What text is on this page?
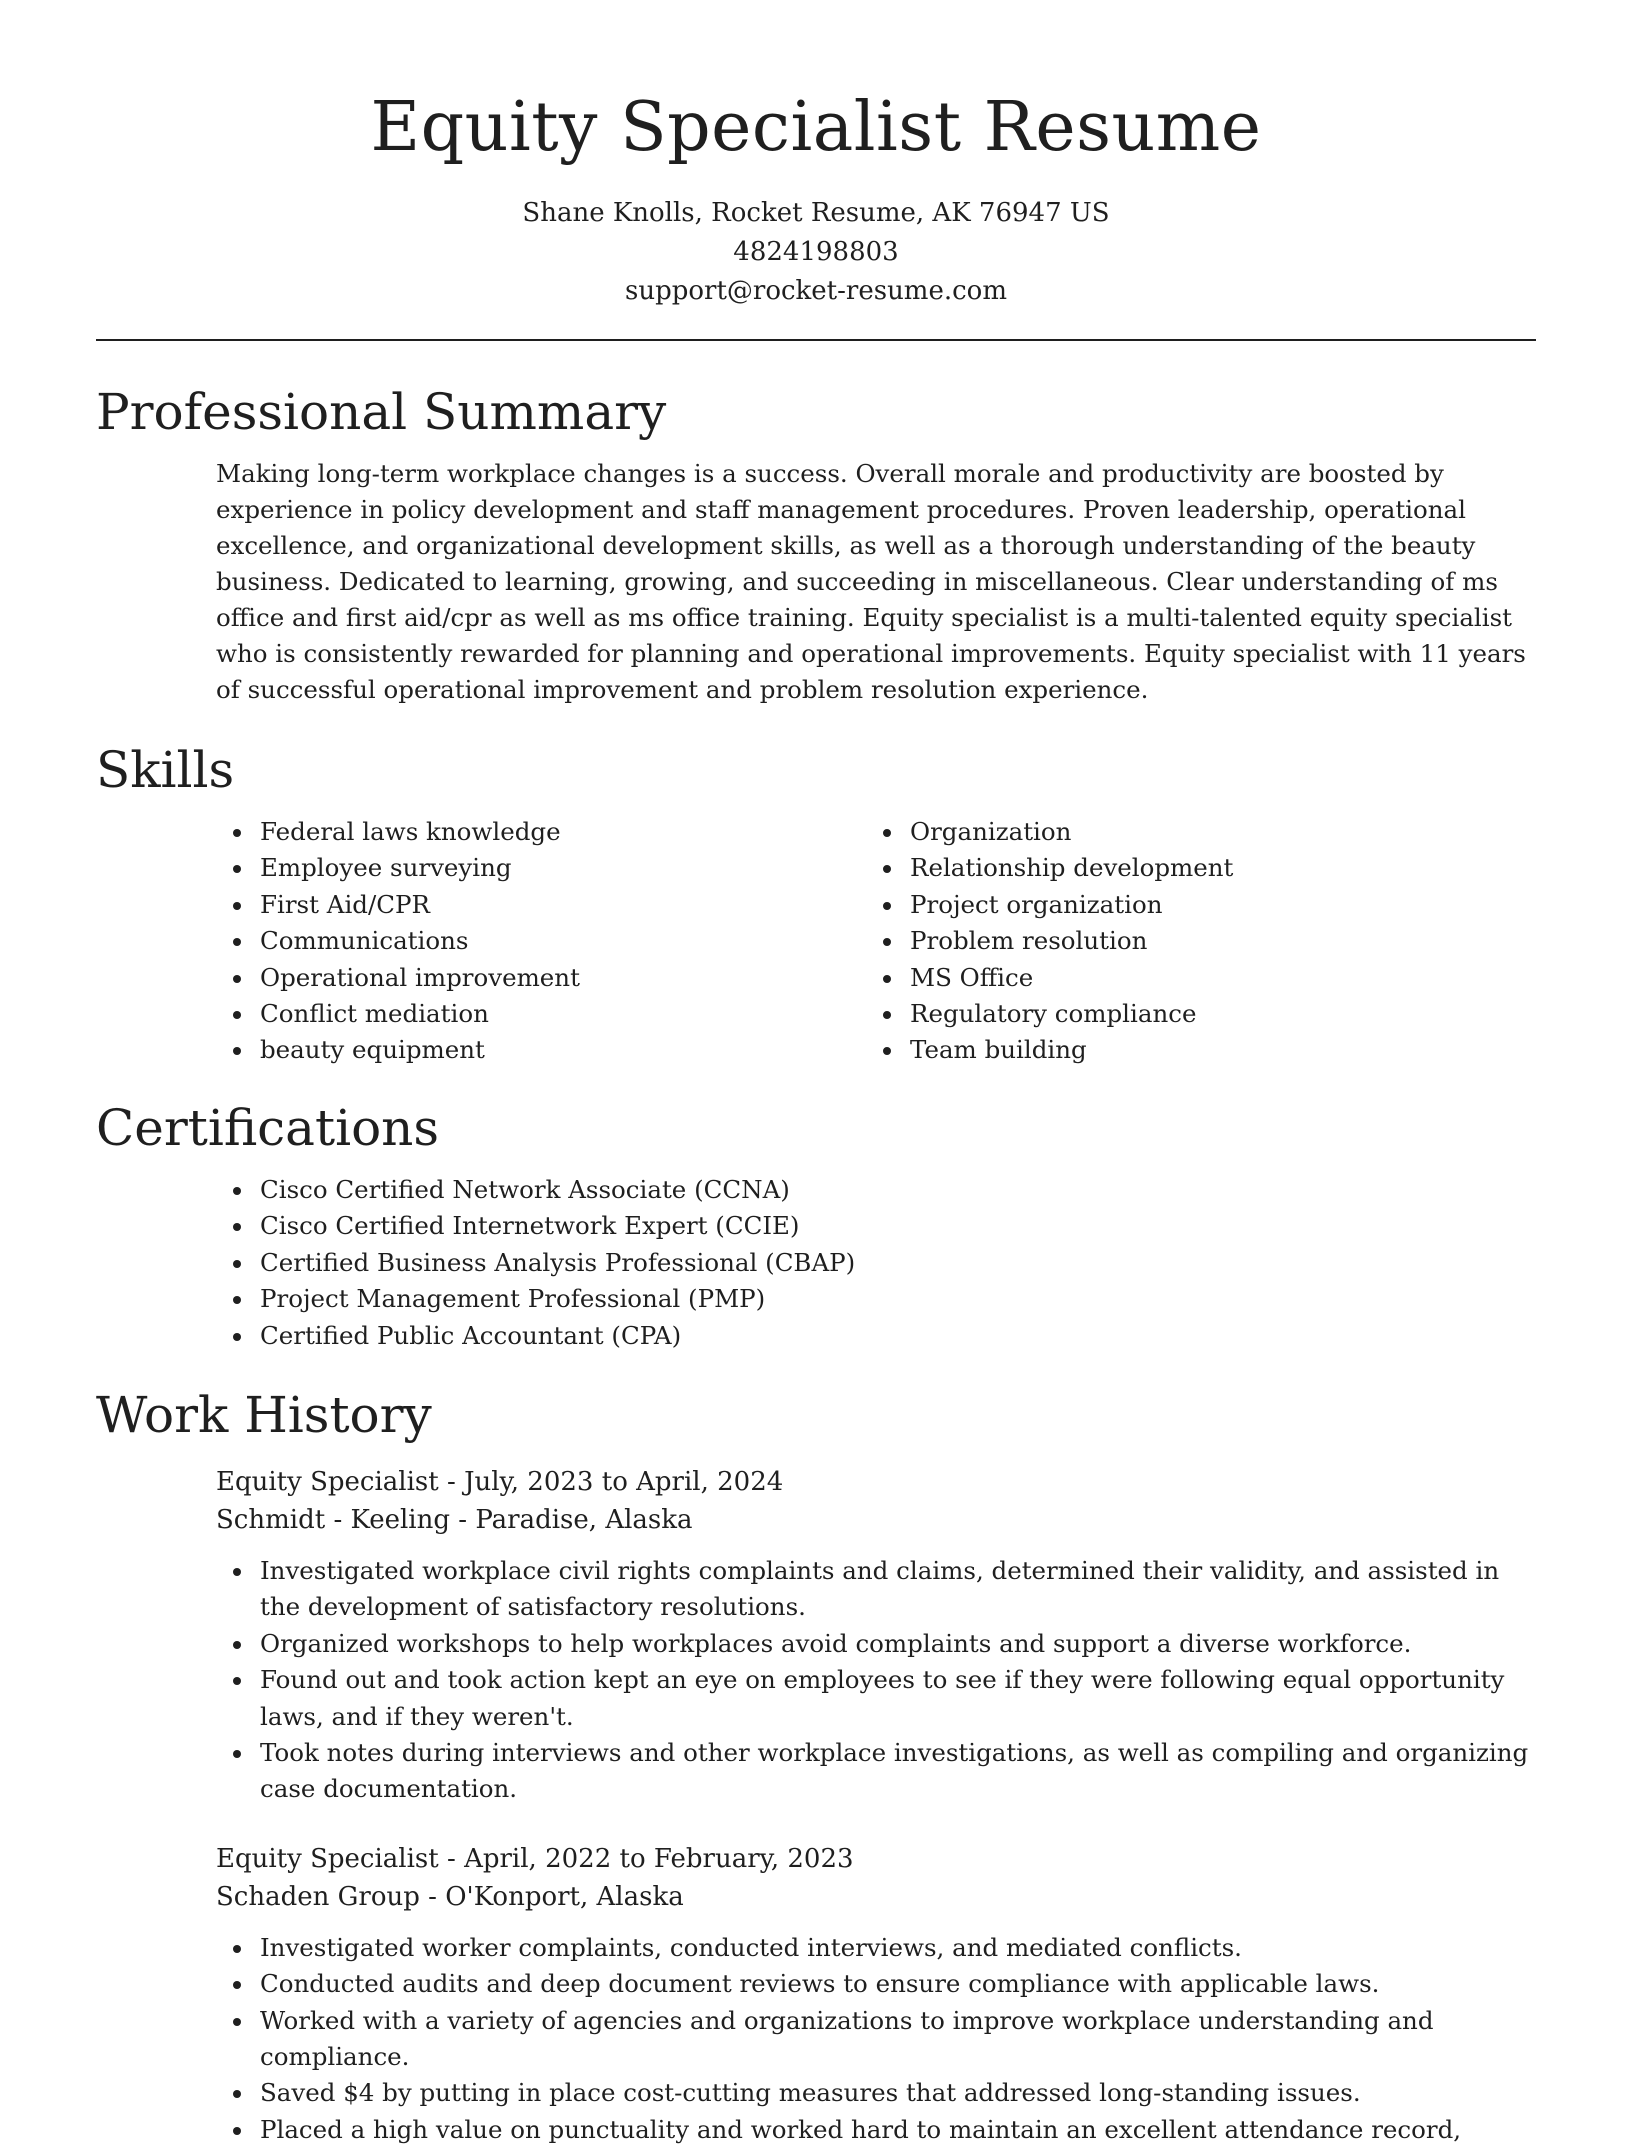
Equity Specialist Resume
Shane Knolls, Rocket Resume, AK 76947 US
4824198803
support@rocket-resume.com
Professional Summary

Making long-term workplace changes is a success. Overall morale and productivity are boosted by experience in policy development and staff management procedures. Proven leadership, operational excellence, and organizational development skills, as well as a thorough understanding of the beauty business. Dedicated to learning, growing, and succeeding in miscellaneous. Clear understanding of ms office and first aid/cpr as well as ms office training. Equity specialist is a multi-talented equity specialist who is consistently rewarded for planning and operational improvements. Equity specialist with 11 years of successful operational improvement and problem resolution experience.

Skills
Federal laws knowledge
Employee surveying
First Aid/CPR
Communications
Operational improvement
Conflict mediation
beauty equipment
Organization
Relationship development
Project organization
Problem resolution
MS Office
Regulatory compliance
Team building
Certifications
Cisco Certified Network Associate (CCNA)
Cisco Certified Internetwork Expert (CCIE)
Certified Business Analysis Professional (CBAP)
Project Management Professional (PMP)
Certified Public Accountant (CPA)
Work History
Equity Specialist - July, 2023 to April, 2024
Schmidt - Keeling - Paradise, Alaska
Investigated workplace civil rights complaints and claims, determined their validity, and assisted in the development of satisfactory resolutions.
Organized workshops to help workplaces avoid complaints and support a diverse workforce.
Found out and took action kept an eye on employees to see if they were following equal opportunity laws, and if they weren't.
Took notes during interviews and other workplace investigations, as well as compiling and organizing case documentation.
Equity Specialist - April, 2022 to February, 2023
Schaden Group - O'Konport, Alaska
Investigated worker complaints, conducted interviews, and mediated conflicts.
Conducted audits and deep document reviews to ensure compliance with applicable laws.
Worked with a variety of agencies and organizations to improve workplace understanding and compliance.
Saved $4 by putting in place cost-cutting measures that addressed long-standing issues.
Placed a high value on punctuality and worked hard to maintain an excellent attendance record,
